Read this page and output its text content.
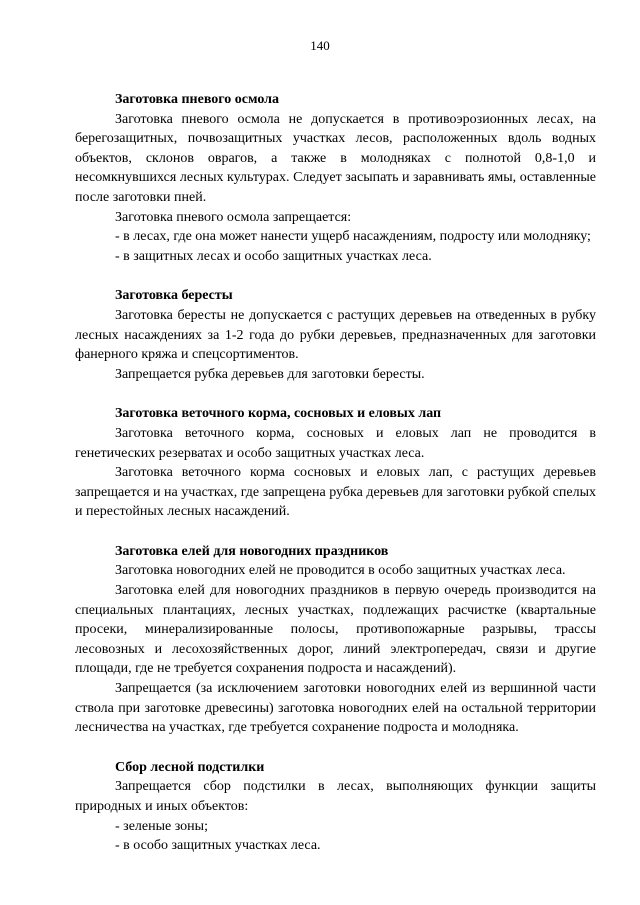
140

Заготовка пневого осмола

Заготовка пневого осмола не допускается в противоэрозионных лесах, на берегозащитных, почвозащитных участках лесов, расположенных вдоль водных объектов, склонов оврагов, а также в молодняках с полнотой 0,8-1,0 и несомкнувшихся лесных культурах. Следует засыпать и заравнивать ямы, оставленные после заготовки пней.

Заготовка пневого осмола запрещается:

- в лесах, где она может нанести ущерб насаждениям, подросту или молодняку;

- в защитных лесах и особо защитных участках леса.

Заготовка бересты

Заготовка бересты не допускается с растущих деревьев на отведенных в рубку лесных насаждениях за 1-2 года до рубки деревьев, предназначенных для заготовки фанерного кряжа и спецсортиментов.

Запрещается рубка деревьев для заготовки бересты.

Заготовка веточного корма, сосновых и еловых лап

Заготовка веточного корма, сосновых и еловых лап не проводится в генетических резерватах и особо защитных участках леса.

Заготовка веточного корма сосновых и еловых лап, с растущих деревьев запрещается и на участках, где запрещена рубка деревьев для заготовки рубкой спелых и перестойных лесных насаждений.

Заготовка елей для новогодних праздников

Заготовка новогодних елей не проводится в особо защитных участках леса.

Заготовка елей для новогодних праздников в первую очередь производится на специальных плантациях, лесных участках, подлежащих расчистке (квартальные просеки, минерализированные полосы, противопожарные разрывы, трассы лесовозных и лесохозяйственных дорог, линий электропередач, связи и другие площади, где не требуется сохранения подроста и насаждений).

Запрещается (за исключением заготовки новогодних елей из вершинной части ствола при заготовке древесины) заготовка новогодних елей на остальной территории лесничества на участках, где требуется сохранение подроста и молодняка.

Сбор лесной подстилки

Запрещается сбор подстилки в лесах, выполняющих функции защиты природных и иных объектов:

- зеленые зоны;

- в особо защитных участках леса.
